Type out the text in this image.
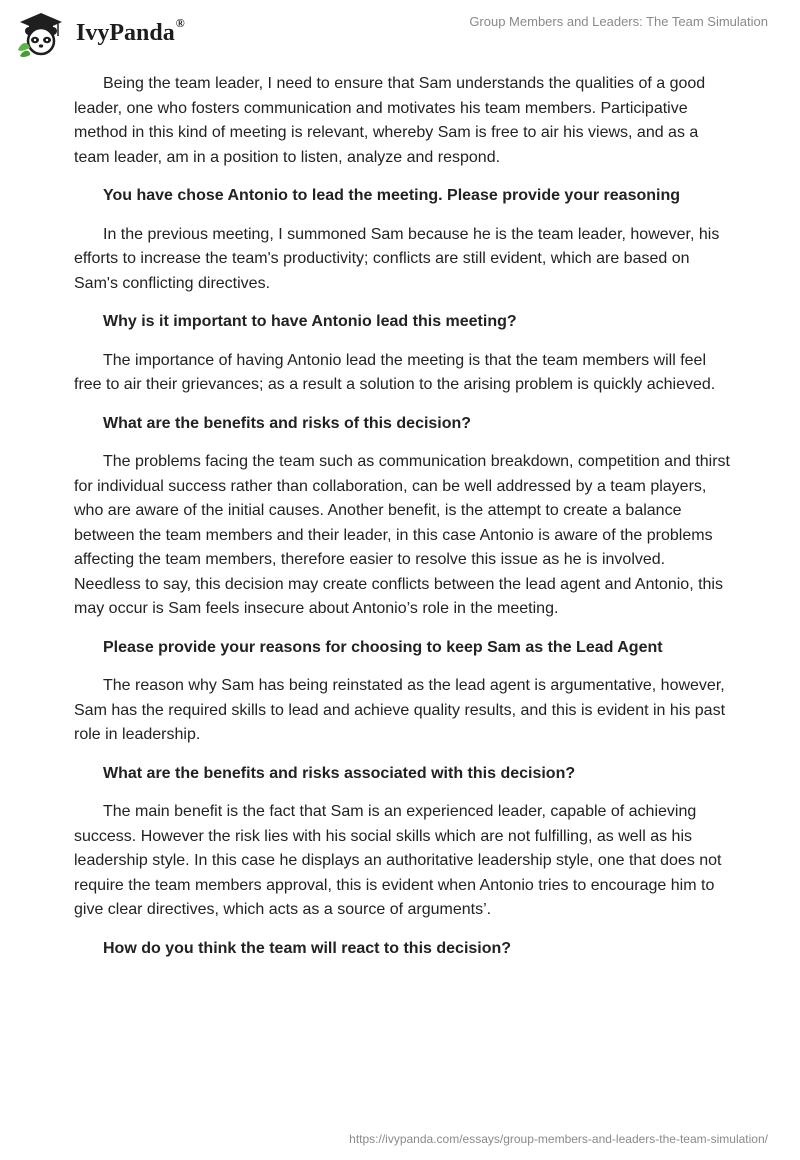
IvyPanda®	Group Members and Leaders: The Team Simulation

Being the team leader, I need to ensure that Sam understands the qualities of a good leader, one who fosters communication and motivates his team members. Participative method in this kind of meeting is relevant, whereby Sam is free to air his views, and as a team leader, am in a position to listen, analyze and respond.

You have chose Antonio to lead the meeting. Please provide your reasoning

In the previous meeting, I summoned Sam because he is the team leader, however, his efforts to increase the team's productivity; conflicts are still evident, which are based on Sam's conflicting directives.

Why is it important to have Antonio lead this meeting?

The importance of having Antonio lead the meeting is that the team members will feel free to air their grievances; as a result a solution to the arising problem is quickly achieved.

What are the benefits and risks of this decision?

The problems facing the team such as communication breakdown, competition and thirst for individual success rather than collaboration, can be well addressed by a team players, who are aware of the initial causes. Another benefit, is the attempt to create a balance between the team members and their leader, in this case Antonio is aware of the problems affecting the team members, therefore easier to resolve this issue as he is involved. Needless to say, this decision may create conflicts between the lead agent and Antonio, this may occur is Sam feels insecure about Antonio’s role in the meeting.

Please provide your reasons for choosing to keep Sam as the Lead Agent

The reason why Sam has being reinstated as the lead agent is argumentative, however, Sam has the required skills to lead and achieve quality results, and this is evident in his past role in leadership.

What are the benefits and risks associated with this decision?

The main benefit is the fact that Sam is an experienced leader, capable of achieving success. However the risk lies with his social skills which are not fulfilling, as well as his leadership style. In this case he displays an authoritative leadership style, one that does not require the team members approval, this is evident when Antonio tries to encourage him to give clear directives, which acts as a source of arguments’.

How do you think the team will react to this decision?

https://ivypanda.com/essays/group-members-and-leaders-the-team-simulation/
